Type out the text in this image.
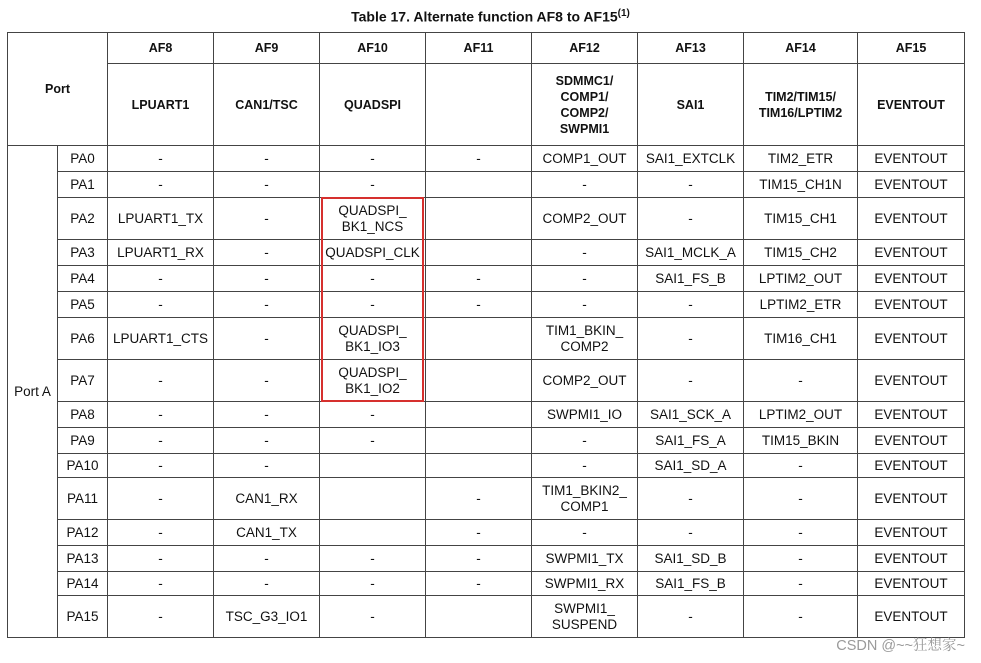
Table 17. Alternate function AF8 to AF15$^{(1)}$
Port		AF8	AF9	AF10	AF11	AF12	AF13	AF14	AF15
		LPUART1	CAN1/TSC	QUADSPI		SDMMC1/
COMP1/
COMP2/
SWPMI1	SAI1	TIM2/TIM15/
TIM16/LPTIM2	EVENTOUT
Port A	PA0	-	-	-	-	COMP1_OUT	SAI1_EXTCLK	TIM2_ETR	EVENTOUT
	PA1	-	-	-		-	-	TIM15_CH1N	EVENTOUT
	PA2	LPUART1_TX	-	QUADSPI_
BK1_NCS		COMP2_OUT	-	TIM15_CH1	EVENTOUT
	PA3	LPUART1_RX	-	QUADSPI_CLK		-	SAI1_MCLK_A	TIM15_CH2	EVENTOUT
	PA4	-	-	-	-	-	SAI1_FS_B	LPTIM2_OUT	EVENTOUT
	PA5	-	-	-	-	-	-	LPTIM2_ETR	EVENTOUT
	PA6	LPUART1_CTS	-	QUADSPI_
BK1_IO3		TIM1_BKIN_
COMP2	-	TIM16_CH1	EVENTOUT
	PA7	-	-	QUADSPI_
BK1_IO2		COMP2_OUT	-	-	EVENTOUT
	PA8	-	-	-		SWPMI1_IO	SAI1_SCK_A	LPTIM2_OUT	EVENTOUT
	PA9	-	-	-		-	SAI1_FS_A	TIM15_BKIN	EVENTOUT
	PA10	-	-			-	SAI1_SD_A	-	EVENTOUT
	PA11	-	CAN1_RX		-	TIM1_BKIN2_
COMP1	-	-	EVENTOUT
	PA12	-	CAN1_TX		-	-	-	-	EVENTOUT
	PA13	-	-	-	-	SWPMI1_TX	SAI1_SD_B	-	EVENTOUT
	PA14	-	-	-	-	SWPMI1_RX	SAI1_FS_B	-	EVENTOUT
	PA15	-	TSC_G3_IO1	-		SWPMI1_
SUSPEND	-	-	EVENTOUT
CSDN @~~狂想家~
